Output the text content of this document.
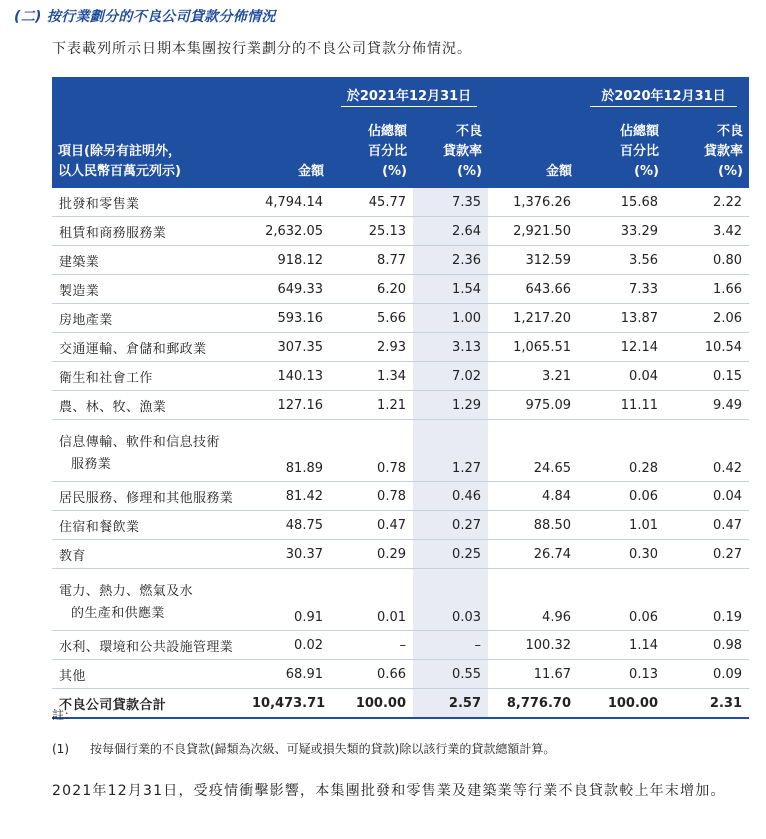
(二) 按行業劃分的不良公司貸款分佈情況
下表載列所示日期本集團按行業劃分的不良公司貸款分佈情況。
		於2021年12月31日			於2020年12月31日	
項目(除另有註明外，
以人民幣百萬元列示)	金額	佔總額
百分比
(%)	不良
貸款率
(%)	金額	佔總額
百分比
(%)	不良
貸款率
(%)
批發和零售業	4,794.14	45.77	7.35	1,376.26	15.68	2.22
租賃和商務服務業	2,632.05	25.13	2.64	2,921.50	33.29	3.42
建築業	918.12	8.77	2.36	312.59	3.56	0.80
製造業	649.33	6.20	1.54	643.66	7.33	1.66
房地產業	593.16	5.66	1.00	1,217.20	13.87	2.06
交通運輸、倉儲和郵政業	307.35	2.93	3.13	1,065.51	12.14	10.54
衛生和社會工作	140.13	1.34	7.02	3.21	0.04	0.15
農、林、牧、漁業	127.16	1.21	1.29	975.09	11.11	9.49
信息傳輸、軟件和信息技術
服務業	81.89	0.78	1.27	24.65	0.28	0.42
居民服務、修理和其他服務業	81.42	0.78	0.46	4.84	0.06	0.04
住宿和餐飲業	48.75	0.47	0.27	88.50	1.01	0.47
教育	30.37	0.29	0.25	26.74	0.30	0.27
電力、熱力、燃氣及水
的生產和供應業	0.91	0.01	0.03	4.96	0.06	0.19
水利、環境和公共設施管理業	0.02	–	–	100.32	1.14	0.98
其他	68.91	0.66	0.55	11.67	0.13	0.09
不良公司貸款合計	10,473.71	100.00	2.57	8,776.70	100.00	2.31
註：
(1) 按每個行業的不良貸款(歸類為次級、可疑或損失類的貸款)除以該行業的貸款總額計算。
2021年12月31日，受疫情衝擊影響，本集團批發和零售業及建築業等行業不良貸款較上年末增加。
